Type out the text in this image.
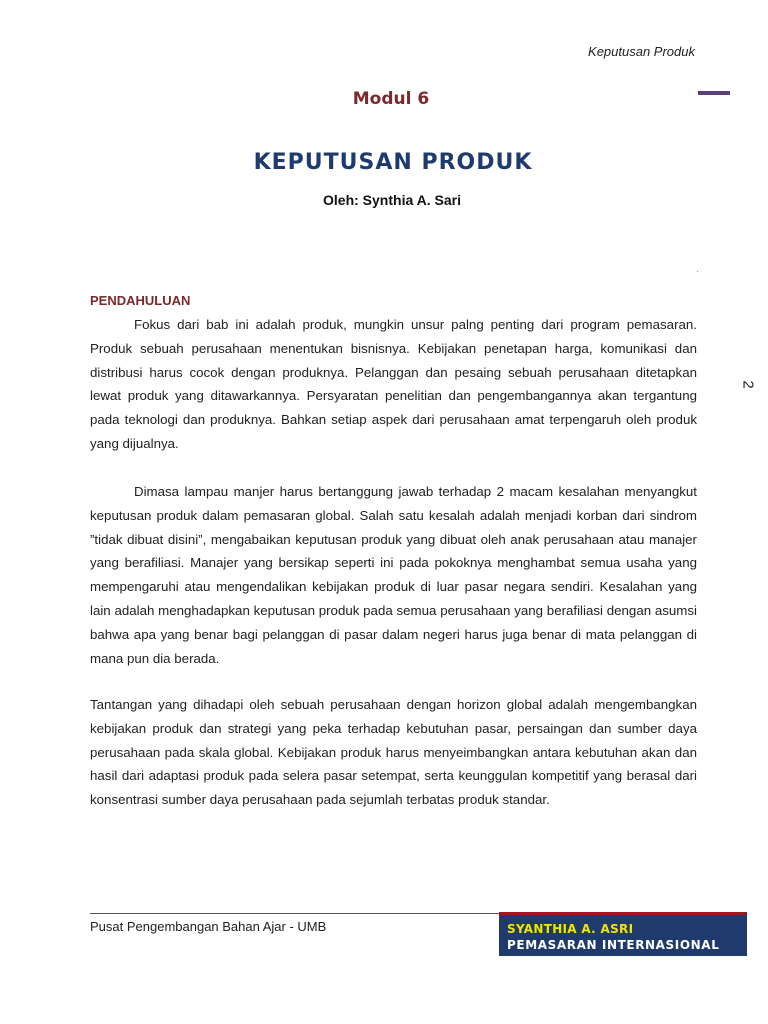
Keputusan Produk
Modul 6
KEPUTUSAN PRODUK
Oleh: Synthia A. Sari
PENDAHULUAN
Fokus dari bab ini adalah produk, mungkin unsur palng penting dari program pemasaran. Produk sebuah perusahaan menentukan bisnisnya. Kebijakan penetapan harga, komunikasi dan distribusi harus cocok dengan produknya. Pelanggan dan pesaing sebuah perusahaan ditetapkan lewat produk yang ditawarkannya. Persyaratan penelitian dan pengembangannya akan tergantung pada teknologi dan produknya. Bahkan setiap aspek dari perusahaan amat terpengaruh oleh produk yang dijualnya.
Dimasa lampau manjer harus bertanggung jawab terhadap 2 macam kesalahan menyangkut keputusan produk dalam pemasaran global. Salah satu kesalah adalah menjadi korban dari sindrom ”tidak dibuat disini”, mengabaikan keputusan produk yang dibuat oleh anak perusahaan atau manajer yang berafiliasi. Manajer yang bersikap seperti ini pada pokoknya menghambat semua usaha yang mempengaruhi atau mengendalikan kebijakan produk di luar pasar negara sendiri. Kesalahan yang lain adalah menghadapkan keputusan produk pada semua perusahaan yang berafiliasi dengan asumsi bahwa apa yang benar bagi pelanggan di pasar dalam negeri harus juga benar di mata pelanggan di mana pun dia berada.
Tantangan yang dihadapi oleh sebuah perusahaan dengan horizon global adalah mengembangkan kebijakan produk dan strategi yang peka terhadap kebutuhan pasar, persaingan dan sumber daya perusahaan pada skala global. Kebijakan produk harus menyeimbangkan antara kebutuhan akan dan hasil dari adaptasi produk pada selera pasar setempat, serta keunggulan kompetitif yang berasal dari konsentrasi sumber daya perusahaan pada sejumlah terbatas produk standar.
2
Pusat Pengembangan Bahan Ajar - UMB	SYANTHIA A. ASRI
PEMASARAN INTERNASIONAL
